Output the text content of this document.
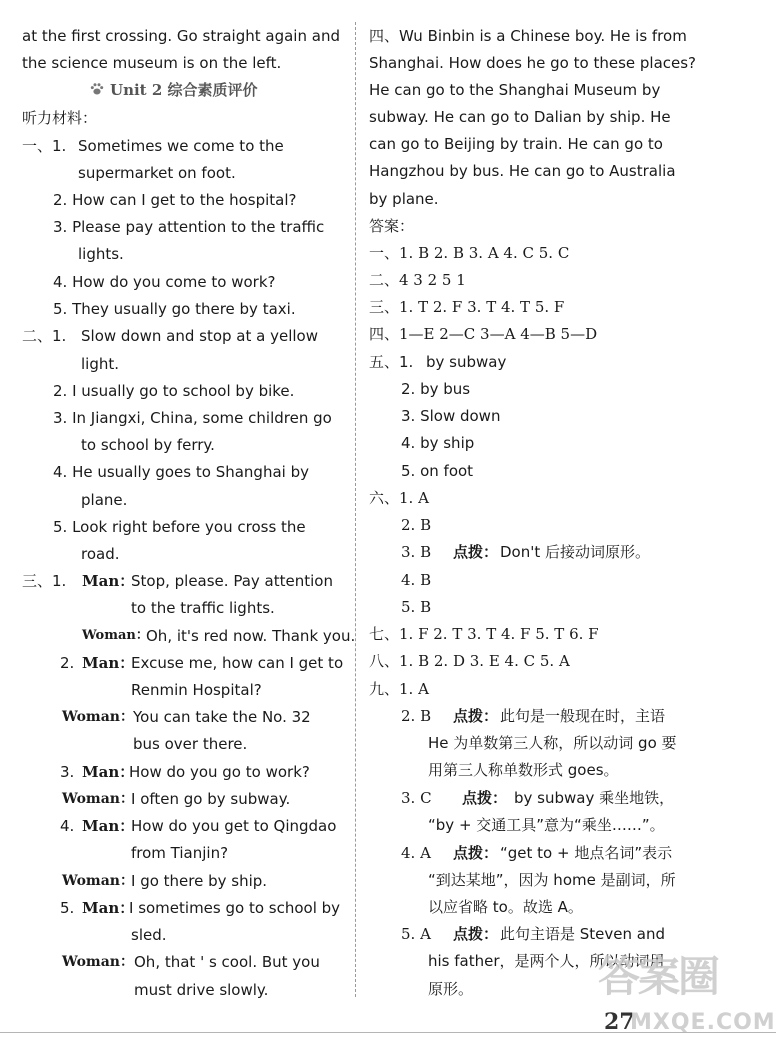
at the first crossing. Go straight again and
the science museum is on the left.
Unit 2 综合素质评价
听力材料：
一、1. Sometimes we come to the
supermarket on foot.
2. How can I get to the hospital?
3. Please pay attention to the traffic
lights.
4. How do you come to work?
5. They usually go there by taxi.
二、1. Slow down and stop at a yellow
light.
2. I usually go to school by bike.
3. In Jiangxi, China, some children go
to school by ferry.
4. He usually goes to Shanghai by
plane.
5. Look right before you cross the
road.
三、1. Man：
Stop, please. Pay attention
to the traffic lights.
Woman：
Oh, it's red now. Thank you.
2. Man：
Excuse me, how can I get to
Renmin Hospital?
Woman： You can take the No. 32
bus over there.
3. Man：
How do you go to work?
Woman：
I often go by subway.
4. Man：
How do you get to Qingdao
from Tianjin?
Woman：
I go there by ship.
5. Man：
I sometimes go to school by
sled.
Woman： Oh, that ' s cool. But you
must drive slowly.
四、Wu Binbin is a Chinese boy. He is from
Shanghai. How does he go to these places?
He can go to the Shanghai Museum by
subway. He can go to Dalian by ship. He
can go to Beijing by train. He can go to
Hangzhou by bus. He can go to Australia
by plane.
答案：
一、1. B 2. B 3. A 4. C 5. C
二、4 3 2 5 1
三、1. T 2. F 3. T 4. T 5. F
四、1—E 2—C 3—A 4—B 5—D
五、1. by subway
2. by bus
3. Slow down
4. by ship
5. on foot
六、1. A
2. B
3. B 点拨： Don't 后接动词原形。
4. B
5. B
七、1. F 2. T 3. T 4. F 5. T 6. F
八、1. B 2. D 3. E 4. C 5. A
九、1. A
2. B 点拨： 此句是一般现在时，主语
He 为单数第三人称，所以动词 go 要
用第三人称单数形式 goes。
3. C 点拨： by subway 乘坐地铁，
“by + 交通工具”意为“乘坐……”。
4. A 点拨： “get to + 地点名词”表示
“到达某地”，因为 home 是副词，所
以应省略 to。故选 A。
5. A 点拨： 此句主语是 Steven and
his father，是两个人，所以动词用
原形。	答案圈
27
MXQE.COM
